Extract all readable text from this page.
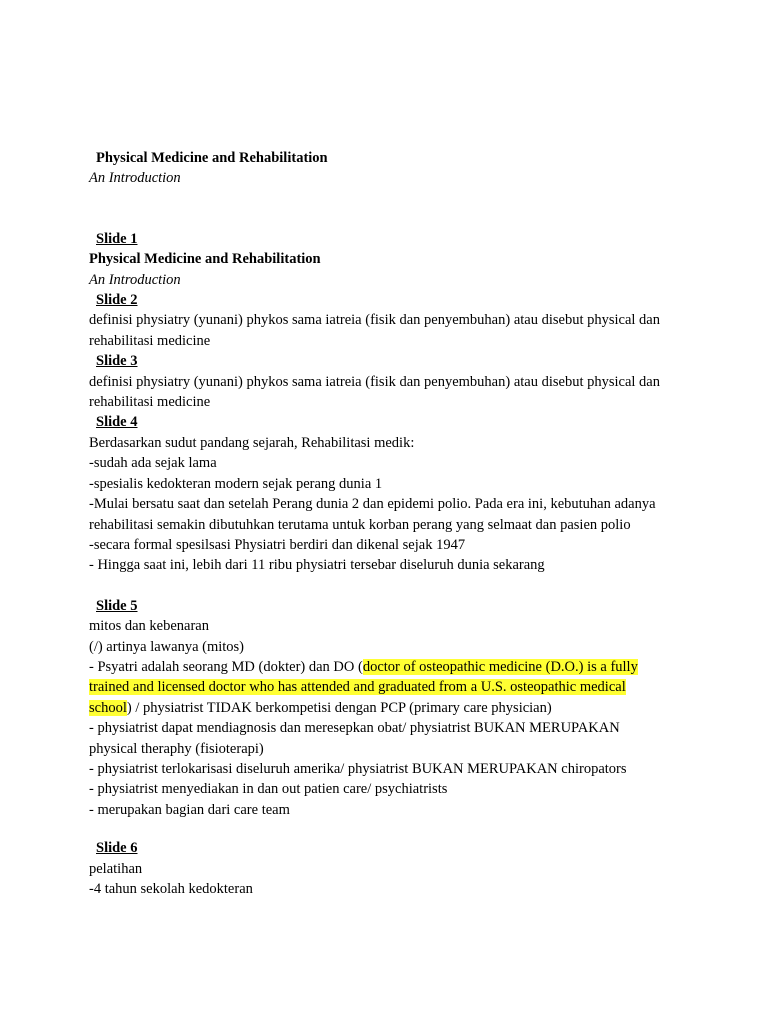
Physical Medicine and Rehabilitation
An Introduction
Slide 1
Physical Medicine and Rehabilitation
An Introduction
Slide 2
definisi physiatry (yunani) phykos sama iatreia (fisik dan penyembuhan) atau disebut physical dan rehabilitasi medicine
Slide 3
definisi physiatry (yunani) phykos sama iatreia (fisik dan penyembuhan) atau disebut physical dan rehabilitasi medicine
Slide 4
Berdasarkan sudut pandang sejarah, Rehabilitasi medik:
-sudah ada sejak lama
-spesialis kedokteran modern sejak perang dunia 1
-Mulai bersatu saat dan setelah Perang dunia 2 dan epidemi polio. Pada era ini, kebutuhan adanya rehabilitasi semakin dibutuhkan terutama untuk korban perang yang selmaat dan pasien polio
-secara formal spesilsasi Physiatri berdiri dan dikenal sejak 1947
- Hingga saat ini, lebih dari 11 ribu physiatri tersebar diseluruh dunia sekarang
Slide 5
mitos dan kebenaran
(/) artinya lawanya (mitos)
- Psyatri adalah seorang MD (dokter) dan DO (doctor of osteopathic medicine (D.O.) is a fully trained and licensed doctor who has attended and graduated from a U.S. osteopathic medical school) / physiatrist TIDAK berkompetisi dengan PCP (primary care physician)
- physiatrist dapat mendiagnosis dan meresepkan obat/ physiatrist BUKAN MERUPAKAN physical theraphy (fisioterapi)
- physiatrist terlokarisasi diseluruh amerika/ physiatrist BUKAN MERUPAKAN chiropators
- physiatrist menyediakan in dan out patien care/ psychiatrists
- merupakan bagian dari care team
Slide 6
pelatihan
-4 tahun sekolah kedokteran
